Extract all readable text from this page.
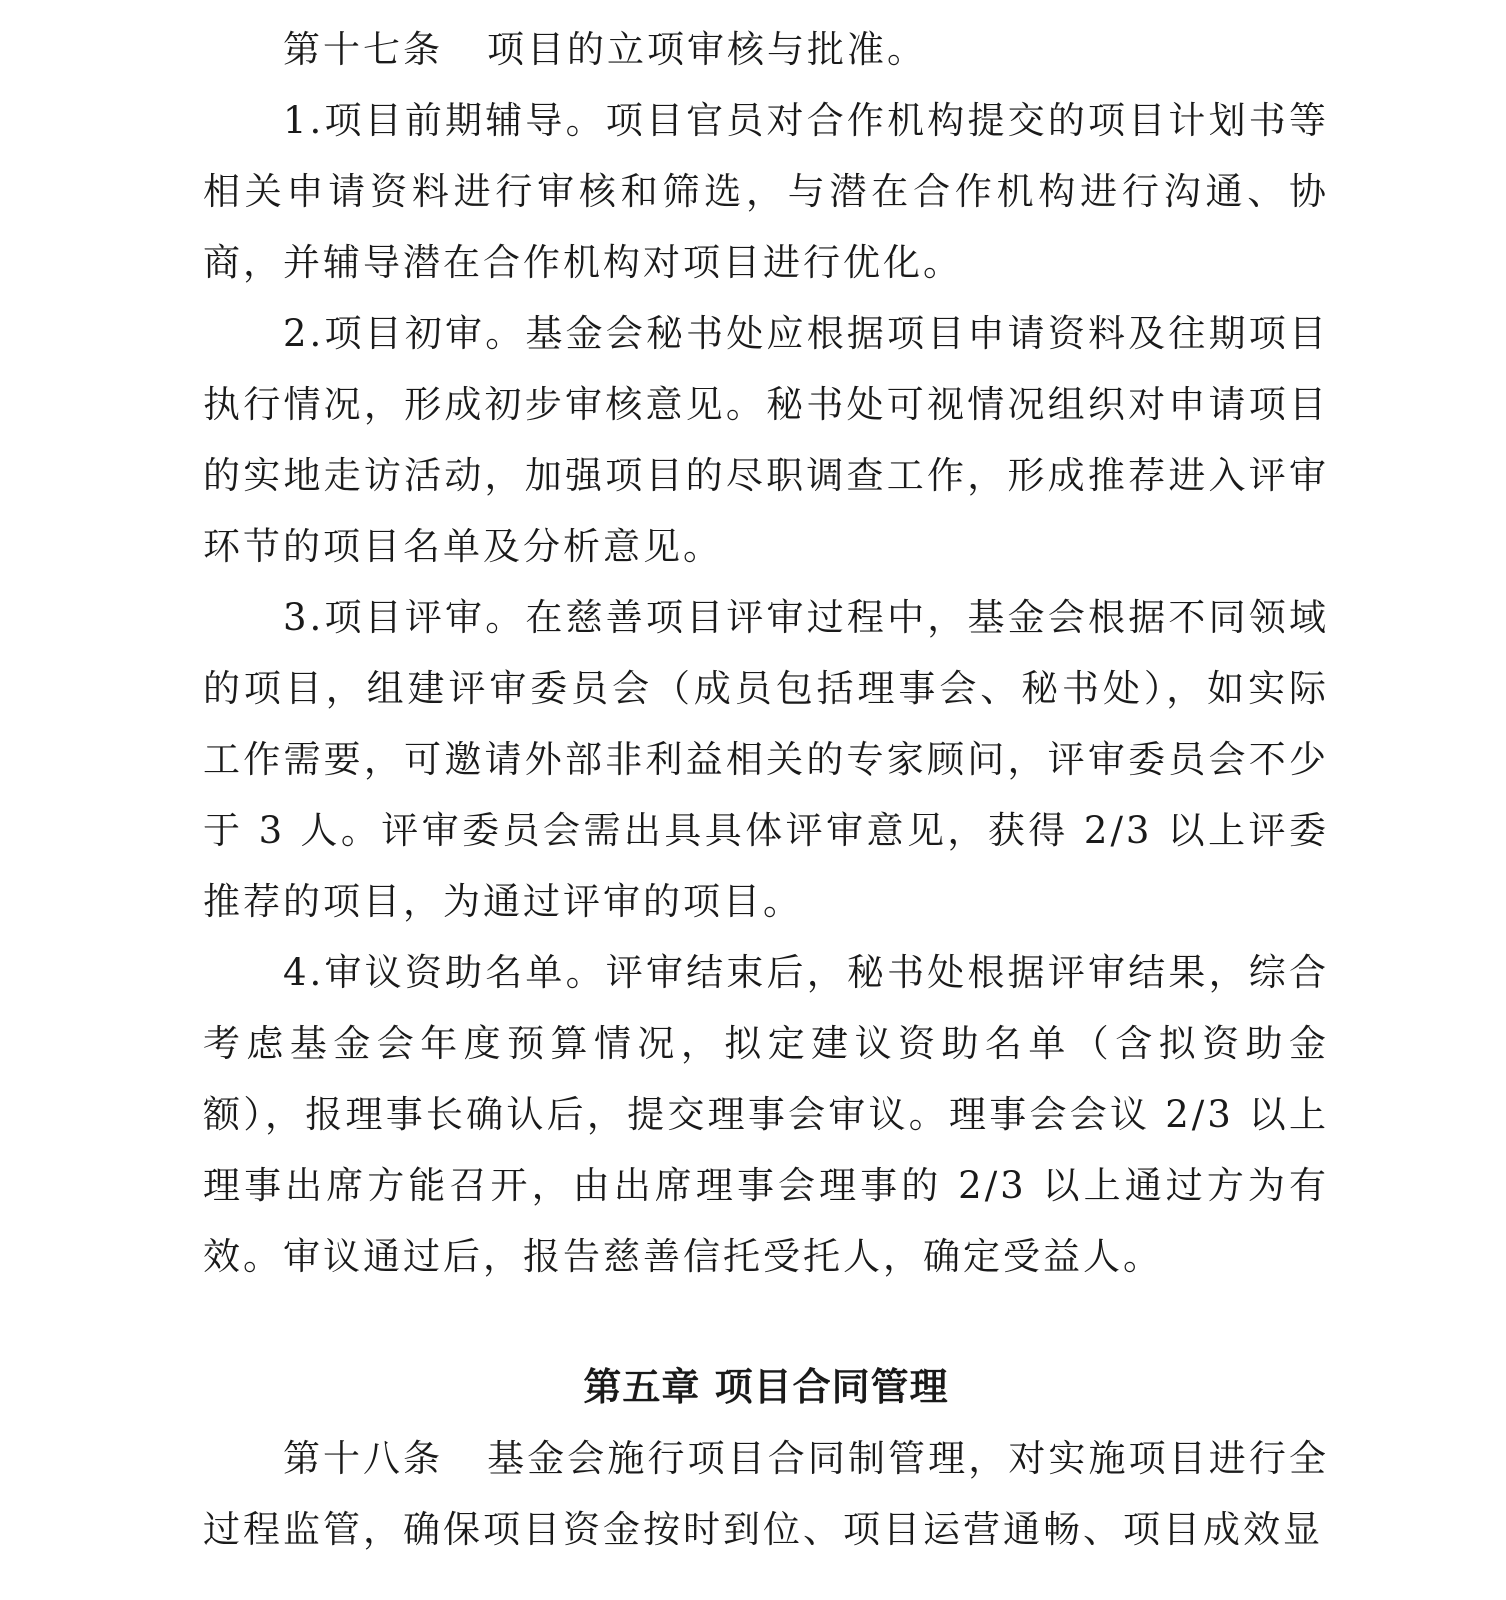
第十七条 项目的立项审核与批准。

1.项目前期辅导。项目官员对合作机构提交的项目计划书等相关申请资料进行审核和筛选，与潜在合作机构进行沟通、协商，并辅导潜在合作机构对项目进行优化。

2.项目初审。基金会秘书处应根据项目申请资料及往期项目执行情况，形成初步审核意见。秘书处可视情况组织对申请项目的实地走访活动，加强项目的尽职调查工作，形成推荐进入评审环节的项目名单及分析意见。

3.项目评审。在慈善项目评审过程中，基金会根据不同领域的项目，组建评审委员会（成员包括理事会、秘书处），如实际工作需要，可邀请外部非利益相关的专家顾问，评审委员会不少于 3 人。评审委员会需出具具体评审意见，获得 2/3 以上评委推荐的项目，为通过评审的项目。

4.审议资助名单。评审结束后，秘书处根据评审结果，综合考虑基金会年度预算情况，拟定建议资助名单（含拟资助金额），报理事长确认后，提交理事会审议。理事会会议 2/3 以上理事出席方能召开，由出席理事会理事的 2/3 以上通过方为有效。审议通过后，报告慈善信托受托人，确定受益人。

第五章 项目合同管理

第十八条 基金会施行项目合同制管理，对实施项目进行全过程监管，确保项目资金按时到位、项目运营通畅、项目成效显
